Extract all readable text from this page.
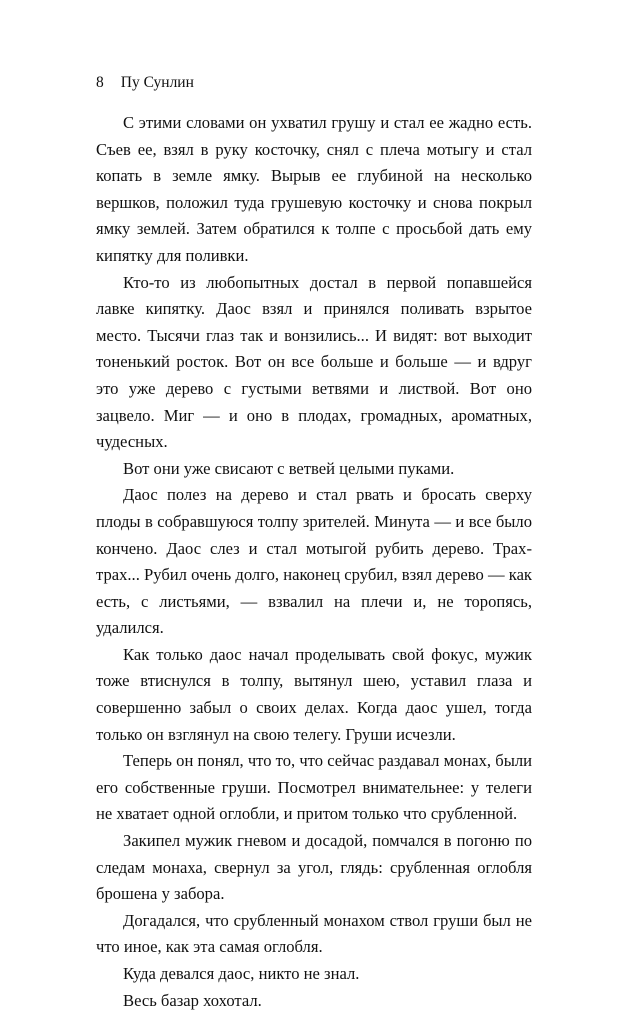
8 Пу Сунлин

С этими словами он ухватил грушу и стал ее жадно есть. Съев ее, взял в руку косточку, снял с плеча мотыгу и стал копать в земле ямку. Вырыв ее глубиной на несколько вершков, положил туда грушевую косточку и снова покрыл ямку землей. Затем обратился к толпе с просьбой дать ему кипятку для поливки.

Кто-то из любопытных достал в первой попавшейся лавке кипятку. Даос взял и принялся поливать взрытое место. Тысячи глаз так и вонзились... И видят: вот выходит тоненький росток. Вот он все больше и больше — и вдруг это уже дерево с густыми ветвями и листвой. Вот оно зацвело. Миг — и оно в плодах, громадных, ароматных, чудесных.

Вот они уже свисают с ветвей целыми пуками.

Даос полез на дерево и стал рвать и бросать сверху плоды в собравшуюся толпу зрителей. Минута — и все было кончено. Даос слез и стал мотыгой рубить дерево. Трах-трах... Рубил очень долго, наконец срубил, взял дерево — как есть, с листьями, — взвалил на плечи и, не торопясь, удалился.

Как только даос начал проделывать свой фокус, мужик тоже втиснулся в толпу, вытянул шею, уставил глаза и совершенно забыл о своих делах. Когда даос ушел, тогда только он взглянул на свою телегу. Груши исчезли.

Теперь он понял, что то, что сейчас раздавал монах, были его собственные груши. Посмотрел внимательнее: у телеги не хватает одной оглобли, и притом только что срубленной.

Закипел мужик гневом и досадой, помчался в погоню по следам монаха, свернул за угол, глядь: срубленная оглобля брошена у забора.

Догадался, что срубленный монахом ствол груши был не что иное, как эта самая оглобля.

Куда девался даос, никто не знал.

Весь базар хохотал.
